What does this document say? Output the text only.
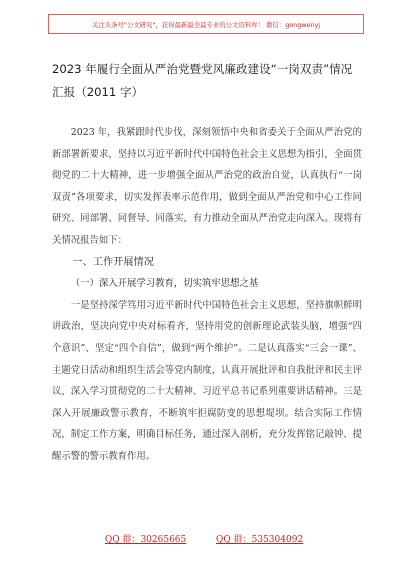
关注头条号"公文研究"，获得最新最全最专业的公文资料库！ 微信：gongwenyj
2023 年履行全面从严治党暨党风廉政建设“一岗双责”情况汇报（2011 字）

2023 年，我紧跟时代步伐，深刻领悟中央和省委关于全面从严治党的新部署新要求，坚持以习近平新时代中国特色社会主义思想为指引，全面贯彻党的二十大精神，进一步增强全面从严治党的政治自觉，认真执行“一岗双责”各项要求，切实发挥表率示范作用，做到全面从严治党和中心工作同研究、同部署、同督导、同落实，有力推动全面从严治党走向深入。现将有关情况报告如下：

一、工作开展情况

（一）深入开展学习教育，切实筑牢思想之基

一是坚持深学笃用习近平新时代中国特色社会主义思想，坚持旗帜鲜明讲政治，坚决向党中央对标看齐，坚持用党的创新理论武装头脑，增强“四个意识”、坚定“四个自信”，做到“两个维护”。二是认真落实“三会一课”、主题党日活动和组织生活会等党内制度，认真开展批评和自我批评和民主评议，深入学习贯彻党的二十大精神、习近平总书记系列重要讲话精神。三是深入开展廉政警示教育，不断筑牢拒腐防变的思想堤坝。结合实际工作情况，制定工作方案，明确目标任务，通过深入剖析，充分发挥铭记敲钟、提醒示警的警示教育作用。

QQ 群：30265665	QQ 群：535304092
